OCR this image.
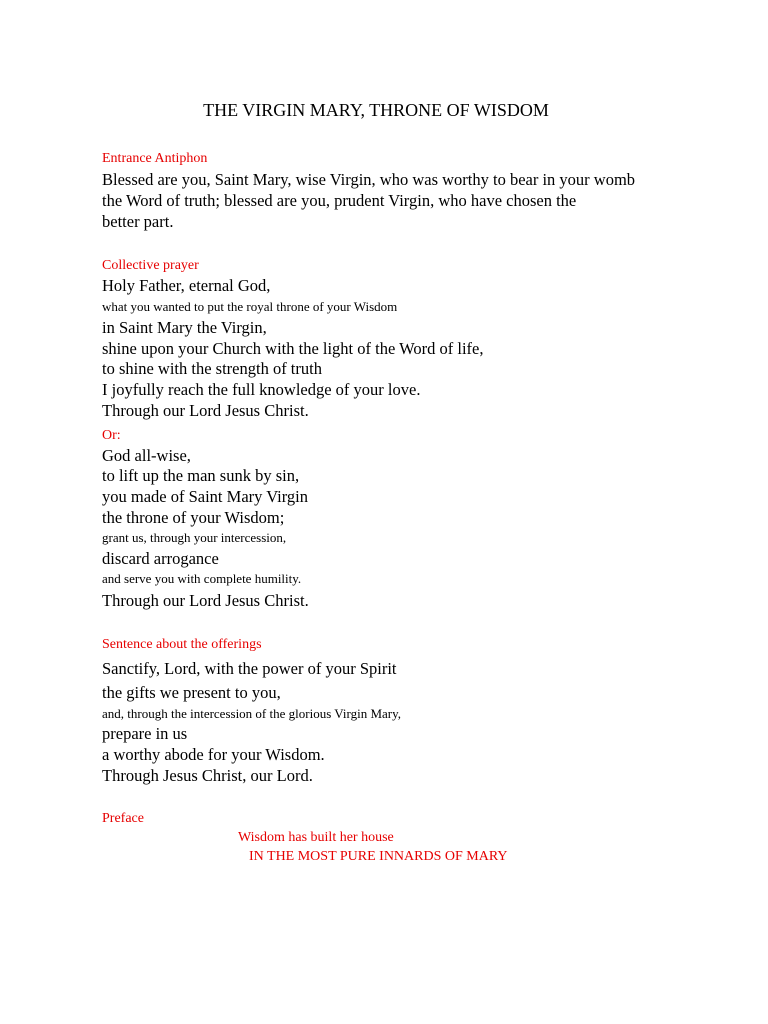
THE VIRGIN MARY, THRONE OF WISDOM
Entrance Antiphon
Blessed are you, Saint Mary, wise Virgin, who was worthy to bear in your womb
the Word of truth; blessed are you, prudent Virgin, who have chosen the
better part.
Collective prayer
Holy Father, eternal God,
what you wanted to put the royal throne of your Wisdom
in Saint Mary the Virgin,
shine upon your Church with the light of the Word of life,
to shine with the strength of truth
I joyfully reach the full knowledge of your love.
Through our Lord Jesus Christ.
Or:
God all-wise,
to lift up the man sunk by sin,
you made of Saint Mary Virgin
the throne of your Wisdom;
grant us, through your intercession,
discard arrogance
and serve you with complete humility.
Through our Lord Jesus Christ.
Sentence about the offerings
Sanctify, Lord, with the power of your Spirit
the gifts we present to you,
and, through the intercession of the glorious Virgin Mary,
prepare in us
a worthy abode for your Wisdom.
Through Jesus Christ, our Lord.
Preface
Wisdom has built her house
IN THE MOST PURE INNARDS OF MARY
